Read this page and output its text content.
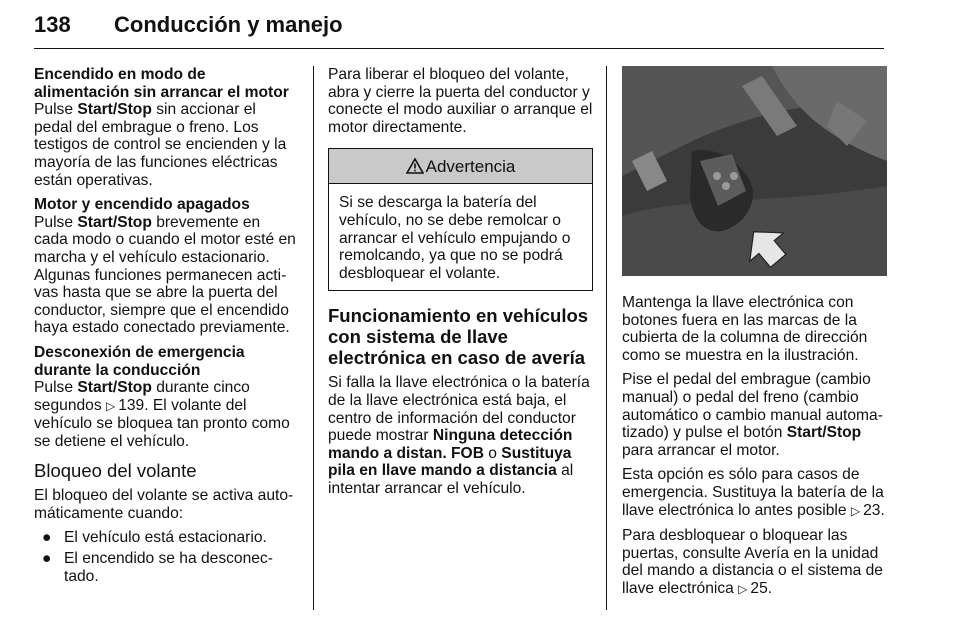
138 Conducción y manejo

Encendido en modo de alimentación sin arrancar el motor
Pulse Start/Stop sin accionar el pedal del embrague o freno. Los testigos de control se encienden y la mayoría de las funciones eléctricas están operativas.

Motor y encendido apagados
Pulse Start/Stop brevemente en cada modo o cuando el motor esté en marcha y el vehículo estacionario. Algunas funciones permanecen activas hasta que se abre la puerta del conductor, siempre que el encendido haya estado conectado previamente.

Desconexión de emergencia durante la conducción
Pulse Start/Stop durante cinco segundos ▷ 139. El volante del vehículo se bloquea tan pronto como se detiene el vehículo.

Bloqueo del volante

El bloqueo del volante se activa automáticamente cuando:

● El vehículo está estacionario.
● El encendido se ha desconectado.

Para liberar el bloqueo del volante, abra y cierre la puerta del conductor y conecte el modo auxiliar o arranque el motor directamente.

Advertencia
Si se descarga la batería del vehículo, no se debe remolcar o arrancar el vehículo empujando o remolcando, ya que no se podrá desbloquear el volante.
Funcionamiento en vehículos con sistema de llave electrónica en caso de avería

Si falla la llave electrónica o la batería de la llave electrónica está baja, el centro de información del conductor puede mostrar Ninguna detección mando a distan. FOB o Sustituya pila en llave mando a distancia al intentar arrancar el vehículo.

Mantenga la llave electrónica con botones fuera en las marcas de la cubierta de la columna de dirección como se muestra en la ilustración.

Pise el pedal del embrague (cambio manual) o pedal del freno (cambio automático o cambio manual automatizado) y pulse el botón Start/Stop para arrancar el motor.

Esta opción es sólo para casos de emergencia. Sustituya la batería de la llave electrónica lo antes posible ▷ 23.

Para desbloquear o bloquear las puertas, consulte Avería en la unidad del mando a distancia o el sistema de llave electrónica ▷ 25.
